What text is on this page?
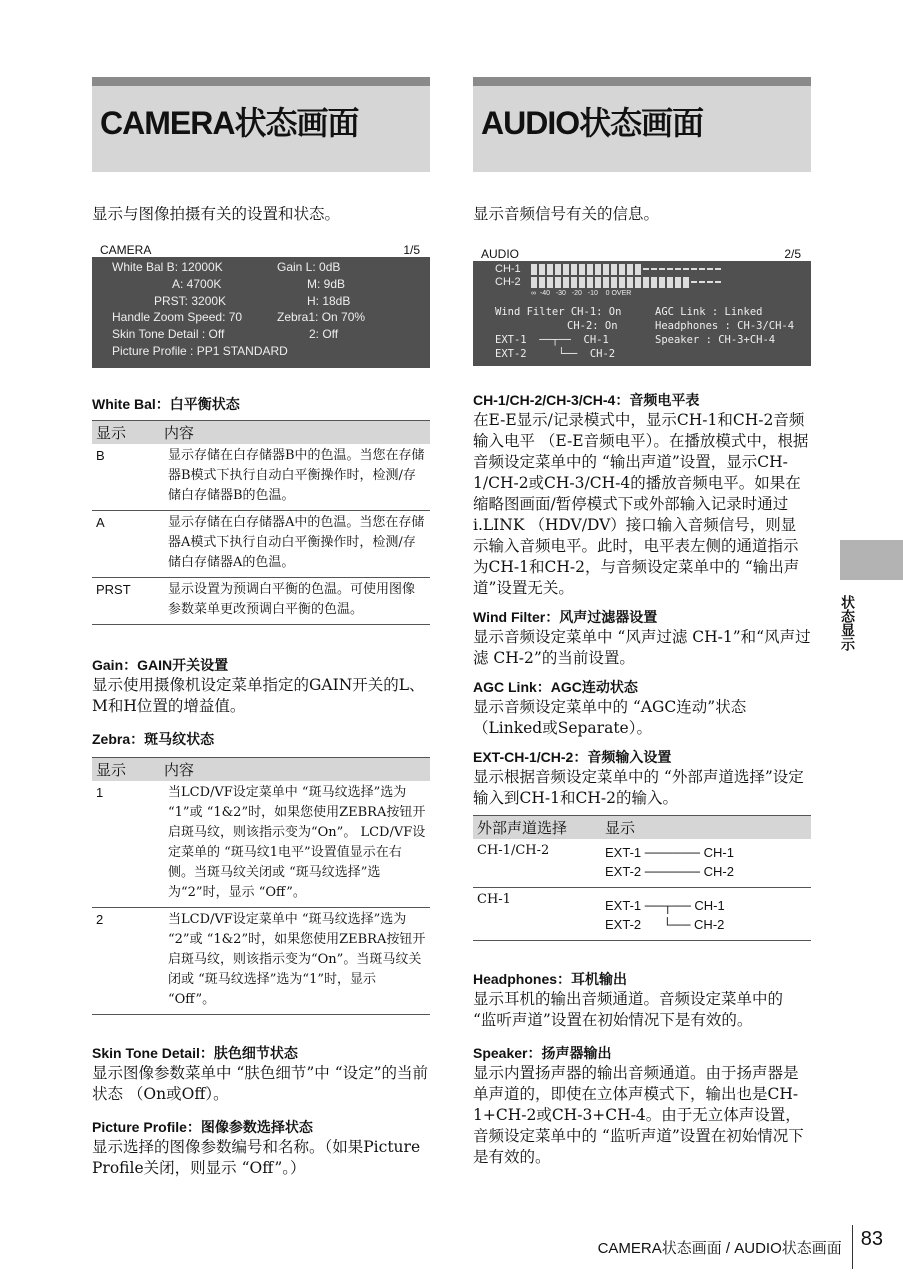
CAMERA状态画面

显示与图像拍摄有关的设置和状态。

CAMERA	1/5
White Bal B: 12000K	Gain L: 0dB
A: 4700K	M: 9dB
PRST: 3200K	H: 18dB
Handle Zoom Speed: 70	Zebra1: On 70%
Skin Tone Detail : Off	2: Off
Picture Profile : PP1 STANDARD
White Bal：白平衡状态
显示	内容
B	显示存储在白存储器B中的色温。当您在存储器B模式下执行自动白平衡操作时，检测/存储白存储器B的色温。
A	显示存储在白存储器A中的色温。当您在存储器A模式下执行自动白平衡操作时，检测/存储白存储器A的色温。
PRST	显示设置为预调白平衡的色温。可使用图像参数菜单更改预调白平衡的色温。
Gain：GAIN开关设置

显示使用摄像机设定菜单指定的GAIN开关的L、 M和H位置的增益值。

Zebra：斑马纹状态
显示	内容
1	当LCD/VF设定菜单中 “斑马纹选择”选为 “1”或 “1&2”时，如果您使用ZEBRA按钮开启斑马纹，则该指示变为“On”。 LCD/VF设定菜单的 “斑马纹1电平”设置值显示在右侧。当斑马纹关闭或 “斑马纹选择”选为“2”时，显示 “Off”。
2	当LCD/VF设定菜单中 “斑马纹选择”选为 “2”或 “1&2”时，如果您使用ZEBRA按钮开启斑马纹，则该指示变为“On”。当斑马纹关闭或 “斑马纹选择”选为“1”时，显示 “Off”。
Skin Tone Detail：肤色细节状态

显示图像参数菜单中 “肤色细节”中 “设定”的当前状态 （On或Off）。

Picture Profile：图像参数选择状态

显示选择的图像参数编号和名称。（如果Picture Profile关闭，则显示 “Off”。）

AUDIO状态画面

显示音频信号有关的信息。

AUDIO	2/5
CH-1
CH-2
∞  -40   -30   -20   -10    0 OVER
Wind Filter CH-1: On	AGC Link : Linked
CH-2: On	Headphones : CH-3/CH-4
EXT-1  ──┬──  CH-1	Speaker : CH-3+CH-4
EXT-2     └──  CH-2
CH-1/CH-2/CH-3/CH-4：音频电平表

在E-E显示/记录模式中，显示CH-1和CH-2音频输入电平 （E-E音频电平）。在播放模式中，根据音频设定菜单中的 “输出声道”设置，显示CH-1/CH-2或CH-3/CH-4的播放音频电平。如果在缩略图画面/暂停模式下或外部输入记录时通过i.LINK （HDV/DV）接口输入音频信号，则显示输入音频电平。此时，电平表左侧的通道指示为CH-1和CH-2，与音频设定菜单中的 “输出声道”设置无关。

Wind Filter：风声过滤器设置

显示音频设定菜单中 “风声过滤 CH-1”和“风声过滤 CH-2”的当前设置。

AGC Link：AGC连动状态

显示音频设定菜单中的 “AGC连动”状态（Linked或Separate）。

EXT-CH-1/CH-2：音频输入设置

显示根据音频设定菜单中的 “外部声道选择”设定输入到CH-1和CH-2的输入。

外部声道选择	显示
CH-1/CH-2	EXT-1 ────── CH-1
EXT-2 ────── CH-2

CH-1	EXT-1 ──┬── CH-1
EXT-2      └── CH-2
Headphones：耳机输出

显示耳机的输出音频通道。音频设定菜单中的 “监听声道”设置在初始情况下是有效的。

Speaker：扬声器输出

显示内置扬声器的输出音频通道。由于扬声器是单声道的，即使在立体声模式下，输出也是CH-1+CH-2或CH-3+CH-4。由于无立体声设置，音频设定菜单中的 “监听声道”设置在初始情况下是有效的。

状态显示
CAMERA状态画面 / AUDIO状态画面 83
